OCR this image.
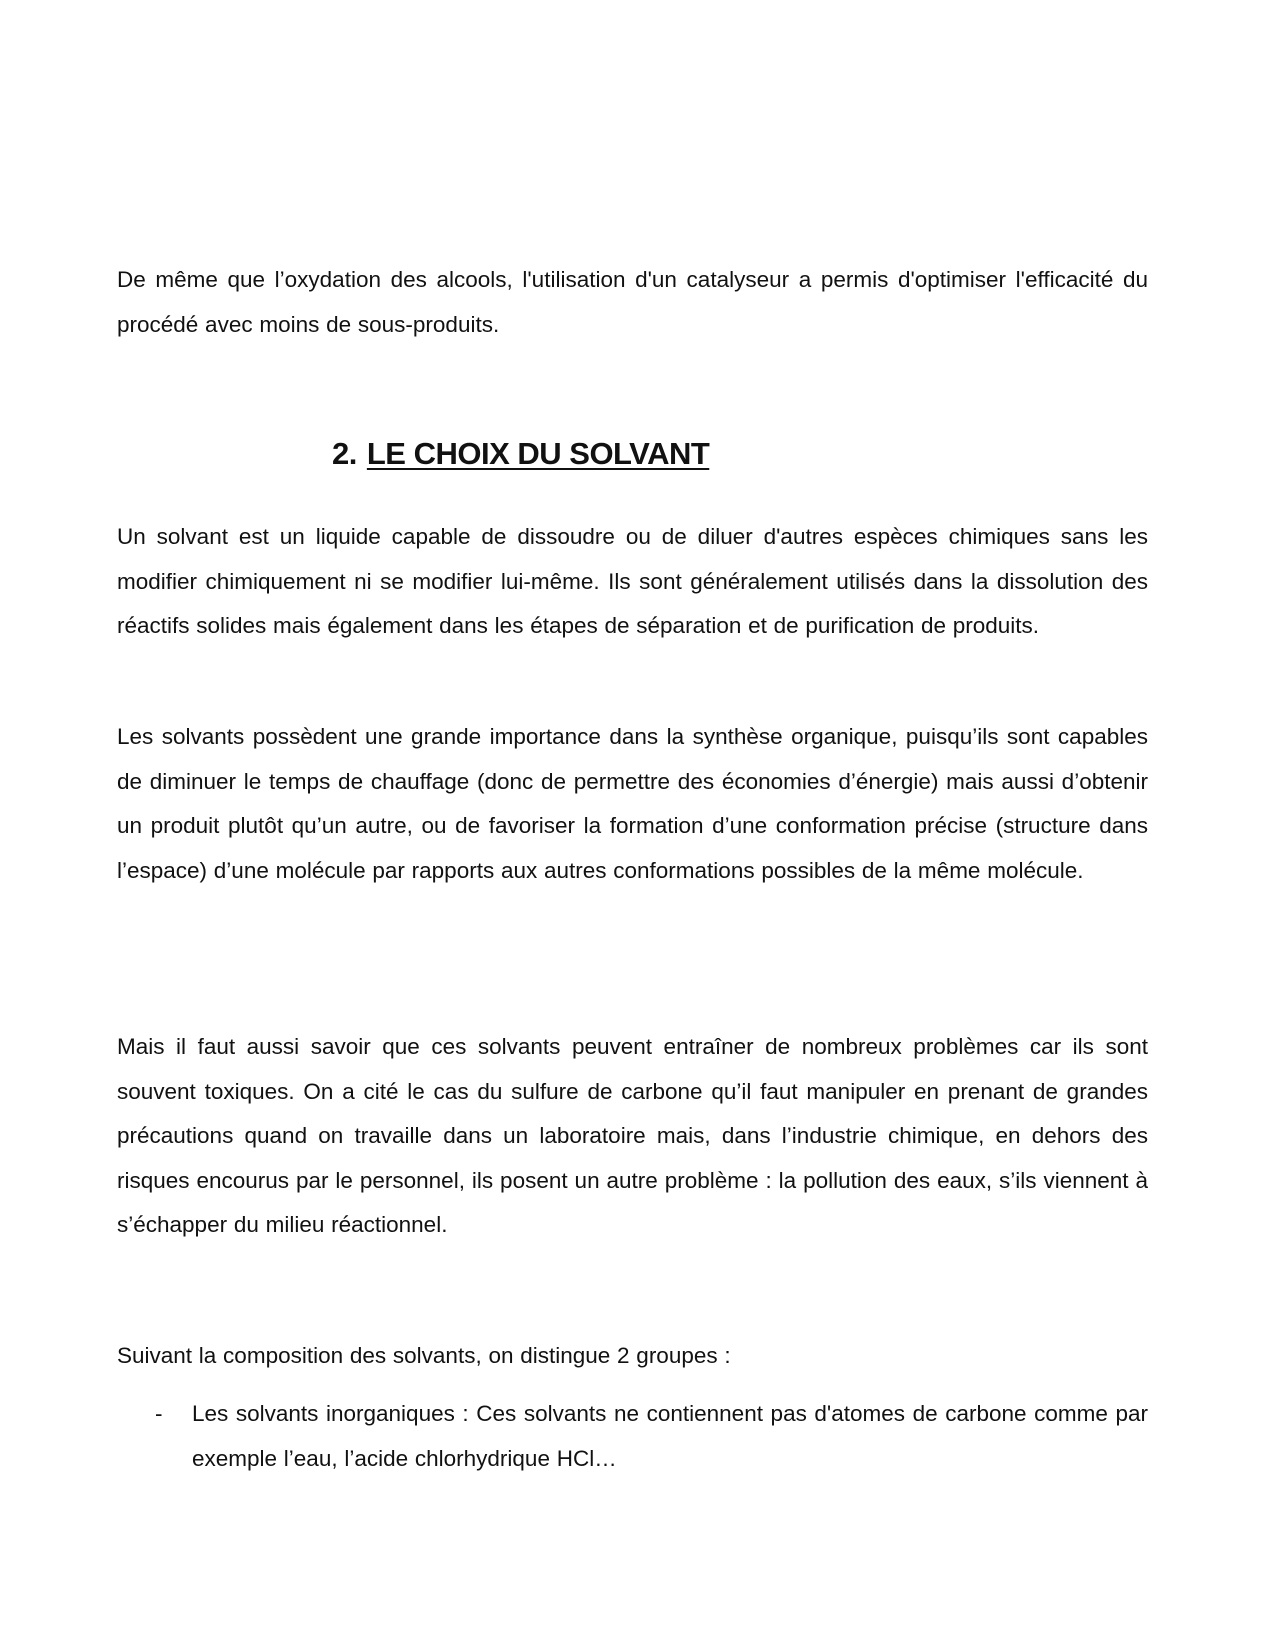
De même que l’oxydation des alcools, l'utilisation d'un catalyseur a permis d'optimiser l'efficacité du procédé avec moins de sous-produits.

2. LE CHOIX DU SOLVANT

Un solvant est un liquide capable de dissoudre ou de diluer d'autres espèces chimiques sans les modifier chimiquement ni se modifier lui-même. Ils sont généralement utilisés dans la dissolution des réactifs solides mais également dans les étapes de séparation et de purification de produits.

Les solvants possèdent une grande importance dans la synthèse organique, puisqu’ils sont capables de diminuer le temps de chauffage (donc de permettre des économies d’énergie) mais aussi d’obtenir un produit plutôt qu’un autre, ou de favoriser la formation d’une conformation précise (structure dans l’espace) d’une molécule par rapports aux autres conformations possibles de la même molécule.

Mais il faut aussi savoir que ces solvants peuvent entraîner de nombreux problèmes car ils sont souvent toxiques. On a cité le cas du sulfure de carbone qu’il faut manipuler en prenant de grandes précautions quand on travaille dans un laboratoire mais, dans l’industrie chimique, en dehors des risques encourus par le personnel, ils posent un autre problème : la pollution des eaux, s’ils viennent à s’échapper du milieu réactionnel.

Suivant la composition des solvants, on distingue 2 groupes :

- Les solvants inorganiques : Ces solvants ne contiennent pas d'atomes de carbone comme par exemple l’eau, l’acide chlorhydrique HCl…
